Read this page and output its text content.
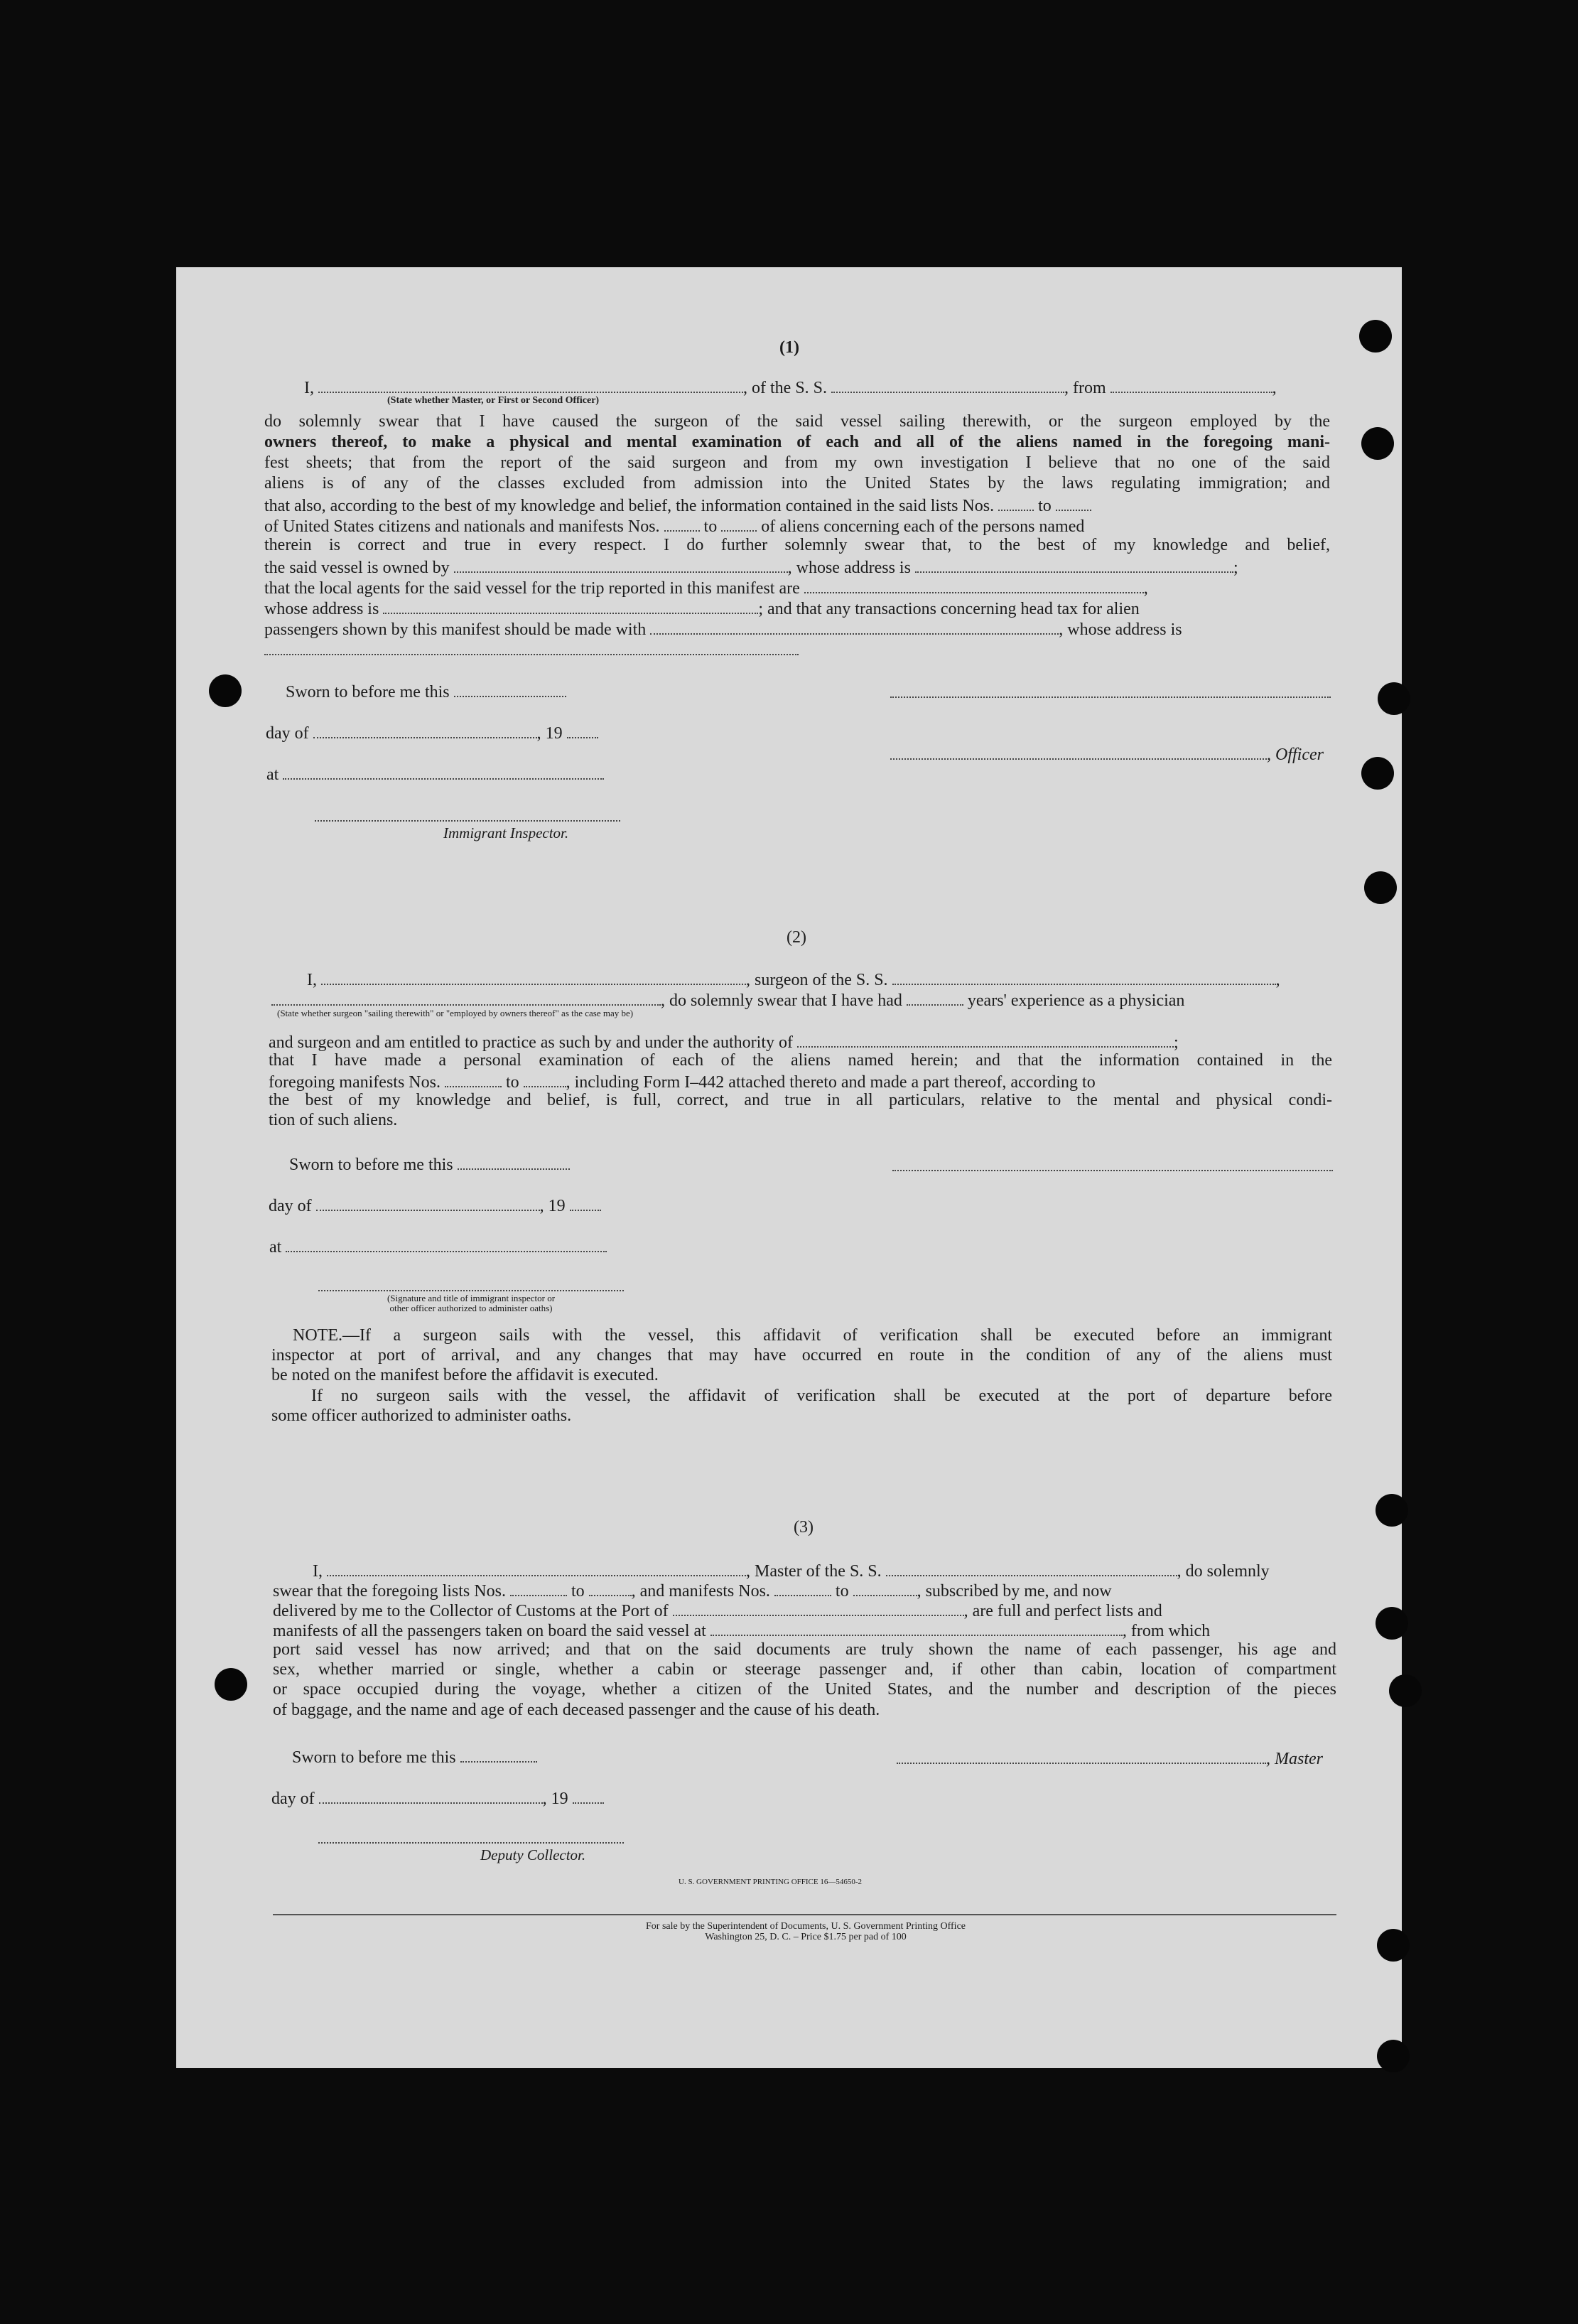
(1)
I,	, of the S. S.	, from	,
(State whether Master, or First or Second Officer)
do solemnly swear that I have caused the surgeon of the said vessel sailing therewith, or the surgeon employed by the
owners thereof, to make a physical and mental examination of each and all of the aliens named in the foregoing mani-
fest sheets; that from the report of the said surgeon and from my own investigation I believe that no one of the said
aliens is of any of the classes excluded from admission into the United States by the laws regulating immigration; and
that also, according to the best of my knowledge and belief, the information contained in the said lists Nos.	to
of United States citizens and nationals and manifests Nos.	to	of aliens concerning each of the persons named
therein is correct and true in every respect. I do further solemnly swear that, to the best of my knowledge and belief,
the said vessel is owned by	, whose address is	;
that the local agents for the said vessel for the trip reported in this manifest are	,
whose address is	; and that any transactions concerning head tax for alien
passengers shown by this manifest should be made with	, whose address is
Sworn to before me this
day of	, 19
, Officer
at
Immigrant Inspector.
(2)
I,	, surgeon of the S. S.	,
, do solemnly swear that I have had	years' experience as a physician
(State whether surgeon "sailing therewith" or "employed by owners thereof" as the case may be)
and surgeon and am entitled to practice as such by and under the authority of	;
that I have made a personal examination of each of the aliens named herein; and that the information contained in the
foregoing manifests Nos.	to	, including Form I–442 attached thereto and made a part thereof, according to
the best of my knowledge and belief, is full, correct, and true in all particulars, relative to the mental and physical condi-
tion of such aliens.
Sworn to before me this
day of	, 19
at
(Signature and title of immigrant inspector or
other officer authorized to administer oaths)
NOTE.—If a surgeon sails with the vessel, this affidavit of verification shall be executed before an immigrant
inspector at port of arrival, and any changes that may have occurred en route in the condition of any of the aliens must
be noted on the manifest before the affidavit is executed.
If no surgeon sails with the vessel, the affidavit of verification shall be executed at the port of departure before
some officer authorized to administer oaths.
(3)
I,	, Master of the S. S.	, do solemnly
swear that the foregoing lists Nos.	to	, and manifests Nos.	to	, subscribed by me, and now
delivered by me to the Collector of Customs at the Port of	, are full and perfect lists and
manifests of all the passengers taken on board the said vessel at	, from which
port said vessel has now arrived; and that on the said documents are truly shown the name of each passenger, his age and
sex, whether married or single, whether a cabin or steerage passenger and, if other than cabin, location of compartment
or space occupied during the voyage, whether a citizen of the United States, and the number and description of the pieces
of baggage, and the name and age of each deceased passenger and the cause of his death.
Sworn to before me this	, Master
day of	, 19
Deputy Collector.
U. S. GOVERNMENT PRINTING OFFICE 16—54650-2
For sale by the Superintendent of Documents, U. S. Government Printing Office
Washington 25, D. C. – Price $1.75 per pad of 100
